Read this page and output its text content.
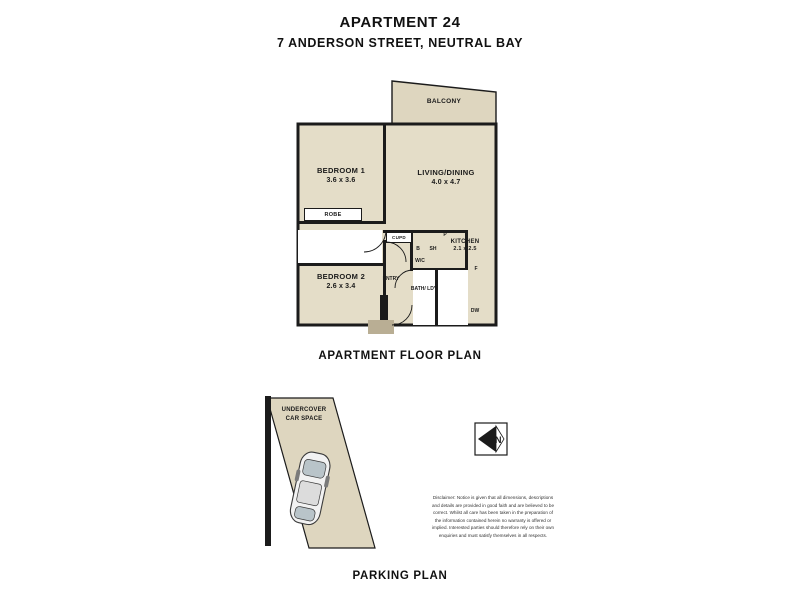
APARTMENT 24
7 ANDERSON STREET, NEUTRAL BAY
BEDROOM 1
3.6 x 3.6
ROBE
LIVING/DINING
4.0 x 4.7
BALCONY
BEDROOM 2
2.6 x 3.4
ENTRY
CUPD
BATH/ LDY
B	SH
W/C
KITCHEN
2.1 x 2.5
P
F
DW
APARTMENT FLOOR PLAN
UNDERCOVER
CAR SPACE
N
Disclaimer: Notice is given that all dimensions, descriptions and details are provided in good faith and are believed to be correct. Whilst all care has been taken in the preparation of the information contained herein no warranty is offered or implied. Interested parties should therefore rely on their own enquiries and must satisfy themselves in all respects.
PARKING PLAN
